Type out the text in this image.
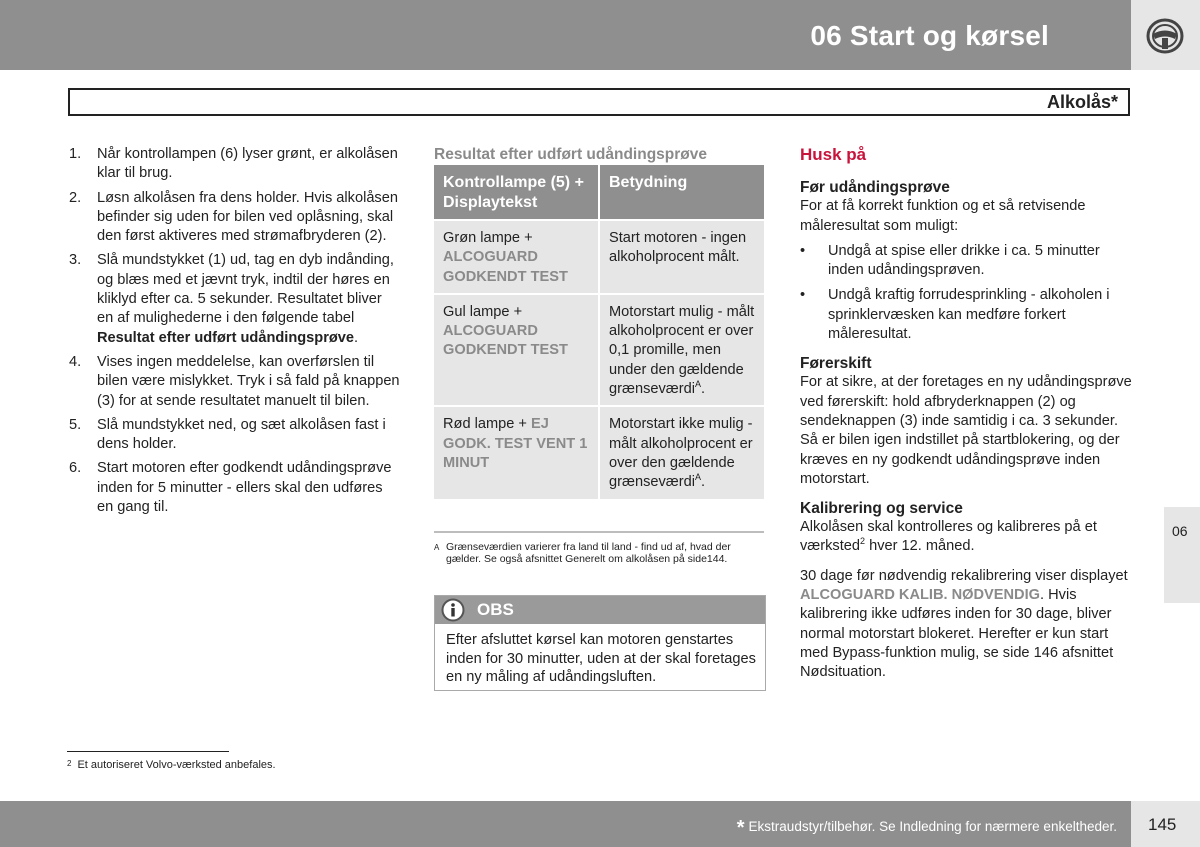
06 Start og kørsel
Alkolås*
1. Når kontrollampen (6) lyser grønt, er alkolåsen klar til brug.
2. Løsn alkolåsen fra dens holder. Hvis alkolåsen befinder sig uden for bilen ved oplåsning, skal den først aktiveres med strømafbryderen (2).
3. Slå mundstykket (1) ud, tag en dyb indånding, og blæs med et jævnt tryk, indtil der høres en kliklyd efter ca. 5 sekunder. Resultatet bliver en af mulighederne i den følgende tabel Resultat efter udført udåndingsprøve.
4. Vises ingen meddelelse, kan overførslen til bilen være mislykket. Tryk i så fald på knappen (3) for at sende resultatet manuelt til bilen.
5. Slå mundstykket ned, og sæt alkolåsen fast i dens holder.
6. Start motoren efter godkendt udåndingsprøve inden for 5 minutter - ellers skal den udføres en gang til.
Resultat efter udført udåndingsprøve
Kontrollampe (5) + Displaytekst	Betydning
Grøn lampe + ALCOGUARD GODKENDT TEST	Start motoren - ingen alkoholprocent målt.
Gul lampe + ALCOGUARD GODKENDT TEST	Motorstart mulig - målt alkoholprocent er over 0,1 promille, men under den gældende grænseværdi$^A$.
Rød lampe + EJ GODK. TEST VENT 1 MINUT	Motorstart ikke mulig - målt alkoholprocent er over den gældende grænseværdi$^A$.
A Grænseværdien varierer fra land til land - find ud af, hvad der gælder. Se også afsnittet Generelt om alkolåsen på side144.
OBS
Efter afsluttet kørsel kan motoren genstartes inden for 30 minutter, uden at der skal foretages en ny måling af udåndingsluften.
Husk på
Før udåndingsprøve
For at få korrekt funktion og et så retvisende måleresultat som muligt:
• Undgå at spise eller drikke i ca. 5 minutter inden udåndingsprøven.
• Undgå kraftig forrudesprinkling - alkoholen i sprinklervæsken kan medføre forkert måleresultat.
Førerskift
For at sikre, at der foretages en ny udåndingsprøve ved førerskift: hold afbryderknappen (2) og sendeknappen (3) inde samtidig i ca. 3 sekunder. Så er bilen igen indstillet på startblokering, og der kræves en ny godkendt udåndingsprøve inden motorstart.
Kalibrering og service
Alkolåsen skal kontrolleres og kalibreres på et værksted$^2$ hver 12. måned.
30 dage før nødvendig rekalibrering viser displayet ALCOGUARD KALIB. NØDVENDIG. Hvis kalibrering ikke udføres inden for 30 dage, bliver normal motorstart blokeret. Herefter er kun start med Bypass-funktion mulig, se side 146 afsnittet Nødsituation.
06
$^2$ Et autoriseret Volvo-værksted anbefales.
* Ekstraudstyr/tilbehør. Se Indledning for nærmere enkeltheder. 145
